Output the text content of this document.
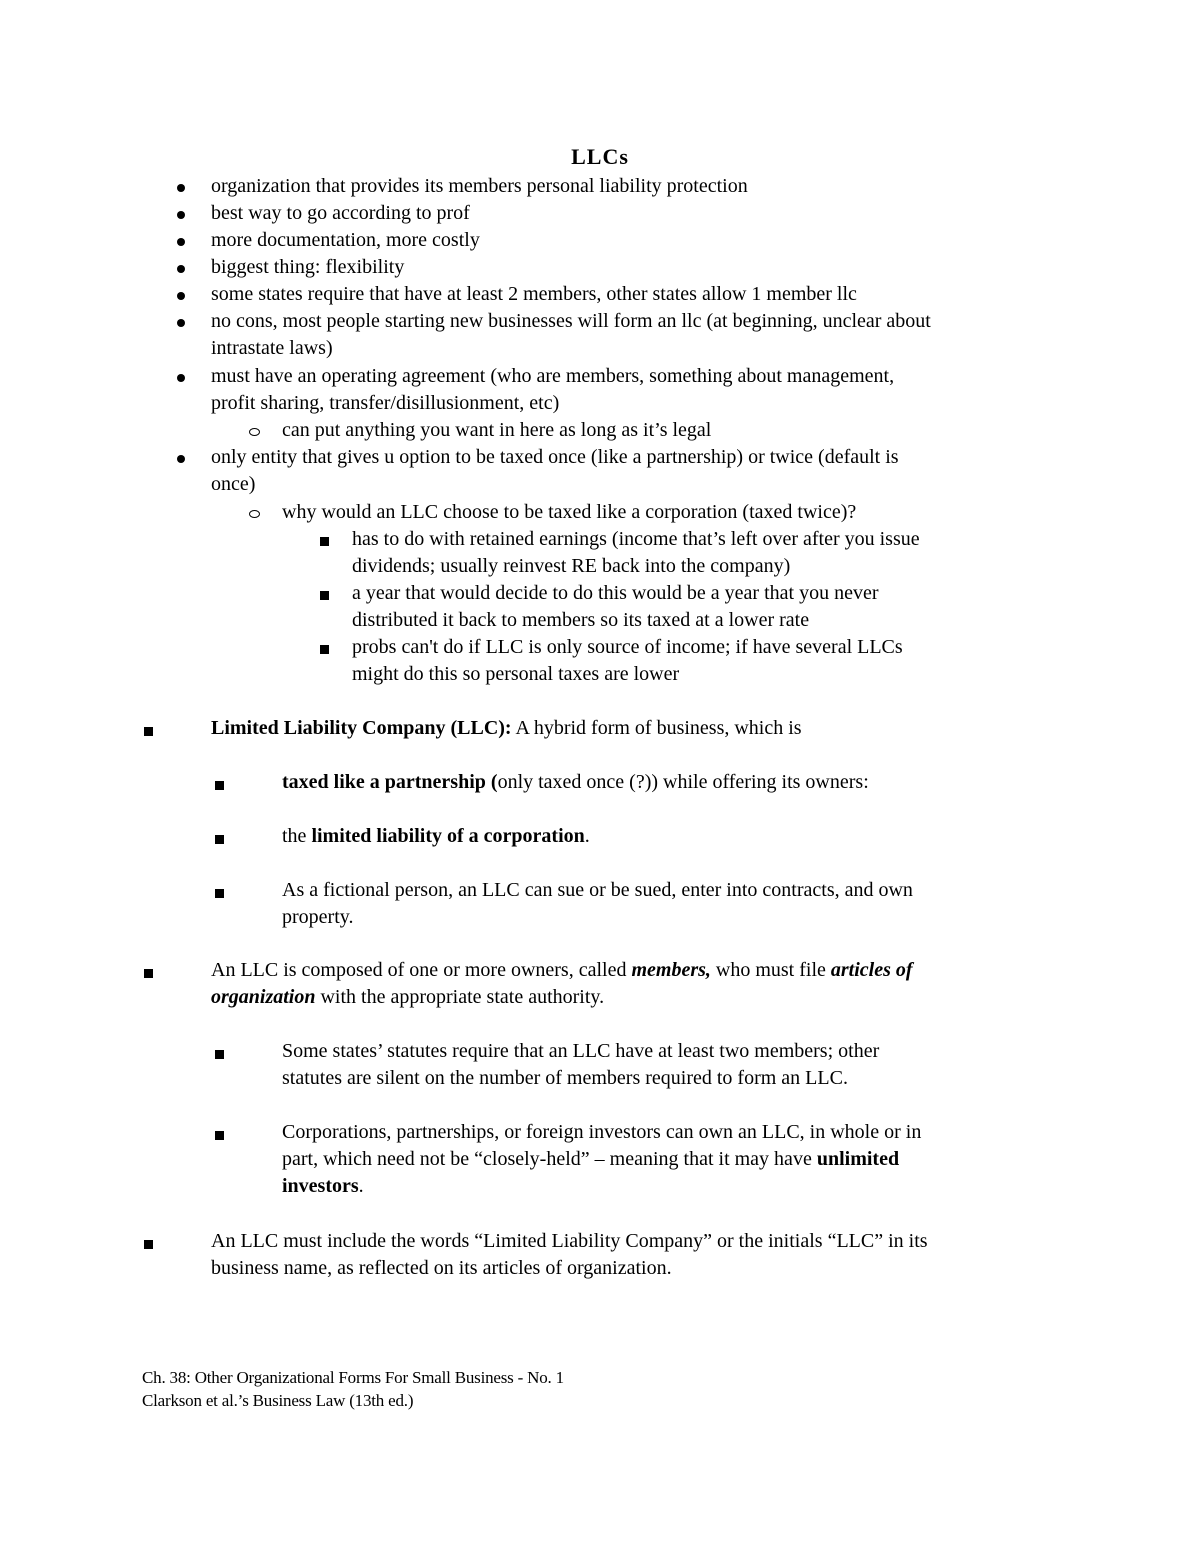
LLCs
organization that provides its members personal liability protection
best way to go according to prof
more documentation, more costly
biggest thing: flexibility
some states require that have at least 2 members, other states allow 1 member llc
no cons, most people starting new businesses will form an llc (at beginning, unclear about
intrastate laws)
must have an operating agreement (who are members, something about management,
profit sharing, transfer/disillusionment, etc)
can put anything you want in here as long as it’s legal
only entity that gives u option to be taxed once (like a partnership) or twice (default is
once)
why would an LLC choose to be taxed like a corporation (taxed twice)?
has to do with retained earnings (income that’s left over after you issue
dividends; usually reinvest RE back into the company)
a year that would decide to do this would be a year that you never
distributed it back to members so its taxed at a lower rate
probs can't do if LLC is only source of income; if have several LLCs
might do this so personal taxes are lower
Limited Liability Company (LLC): A hybrid form of business, which is
taxed like a partnership (only taxed once (?)) while offering its owners:
the limited liability of a corporation.
As a fictional person, an LLC can sue or be sued, enter into contracts, and own
property.
An LLC is composed of one or more owners, called members, who must file articles of
organization with the appropriate state authority.
Some states’ statutes require that an LLC have at least two members; other
statutes are silent on the number of members required to form an LLC.
Corporations, partnerships, or foreign investors can own an LLC, in whole or in
part, which need not be “closely-held” – meaning that it may have unlimited
investors.
An LLC must include the words “Limited Liability Company” or the initials “LLC” in its
business name, as reflected on its articles of organization.
Ch. 38: Other Organizational Forms For Small Business - No. 1
Clarkson et al.’s Business Law (13th ed.)
